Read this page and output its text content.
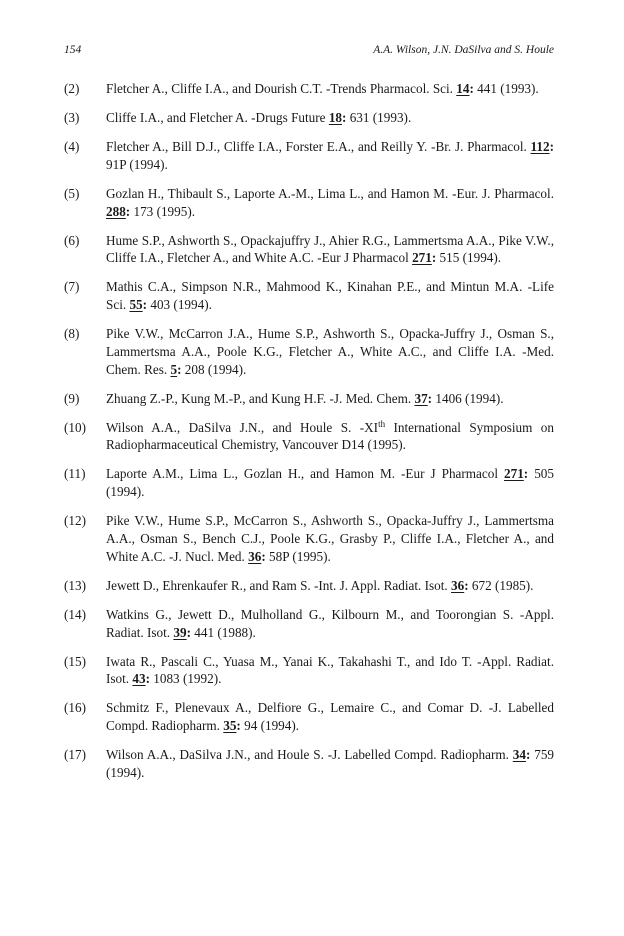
154	A.A. Wilson, J.N. DaSilva and S. Houle
(2) Fletcher A., Cliffe I.A., and Dourish C.T. -Trends Pharmacol. Sci. 14: 441 (1993).
(3) Cliffe I.A., and Fletcher A. -Drugs Future 18: 631 (1993).
(4) Fletcher A., Bill D.J., Cliffe I.A., Forster E.A., and Reilly Y. -Br. J. Pharmacol. 112: 91P (1994).
(5) Gozlan H., Thibault S., Laporte A.-M., Lima L., and Hamon M. -Eur. J. Pharmacol. 288: 173 (1995).
(6) Hume S.P., Ashworth S., Opackajuffry J., Ahier R.G., Lammertsma A.A., Pike V.W., Cliffe I.A., Fletcher A., and White A.C. -Eur J Pharmacol 271: 515 (1994).
(7) Mathis C.A., Simpson N.R., Mahmood K., Kinahan P.E., and Mintun M.A. -Life Sci. 55: 403 (1994).
(8) Pike V.W., McCarron J.A., Hume S.P., Ashworth S., Opacka-Juffry J., Osman S., Lammertsma A.A., Poole K.G., Fletcher A., White A.C., and Cliffe I.A. -Med. Chem. Res. 5: 208 (1994).
(9) Zhuang Z.-P., Kung M.-P., and Kung H.F. -J. Med. Chem. 37: 1406 (1994).
(10) Wilson A.A., DaSilva J.N., and Houle S. -XIth International Symposium on Radiopharmaceutical Chemistry, Vancouver D14 (1995).
(11) Laporte A.M., Lima L., Gozlan H., and Hamon M. -Eur J Pharmacol 271: 505 (1994).
(12) Pike V.W., Hume S.P., McCarron S., Ashworth S., Opacka-Juffry J., Lammertsma A.A., Osman S., Bench C.J., Poole K.G., Grasby P., Cliffe I.A., Fletcher A., and White A.C. -J. Nucl. Med. 36: 58P (1995).
(13) Jewett D., Ehrenkaufer R., and Ram S. -Int. J. Appl. Radiat. Isot. 36: 672 (1985).
(14) Watkins G., Jewett D., Mulholland G., Kilbourn M., and Toorongian S. -Appl. Radiat. Isot. 39: 441 (1988).
(15) Iwata R., Pascali C., Yuasa M., Yanai K., Takahashi T., and Ido T. -Appl. Radiat. Isot. 43: 1083 (1992).
(16) Schmitz F., Plenevaux A., Delfiore G., Lemaire C., and Comar D. -J. Labelled Compd. Radiopharm. 35: 94 (1994).
(17) Wilson A.A., DaSilva J.N., and Houle S. -J. Labelled Compd. Radiopharm. 34: 759 (1994).
